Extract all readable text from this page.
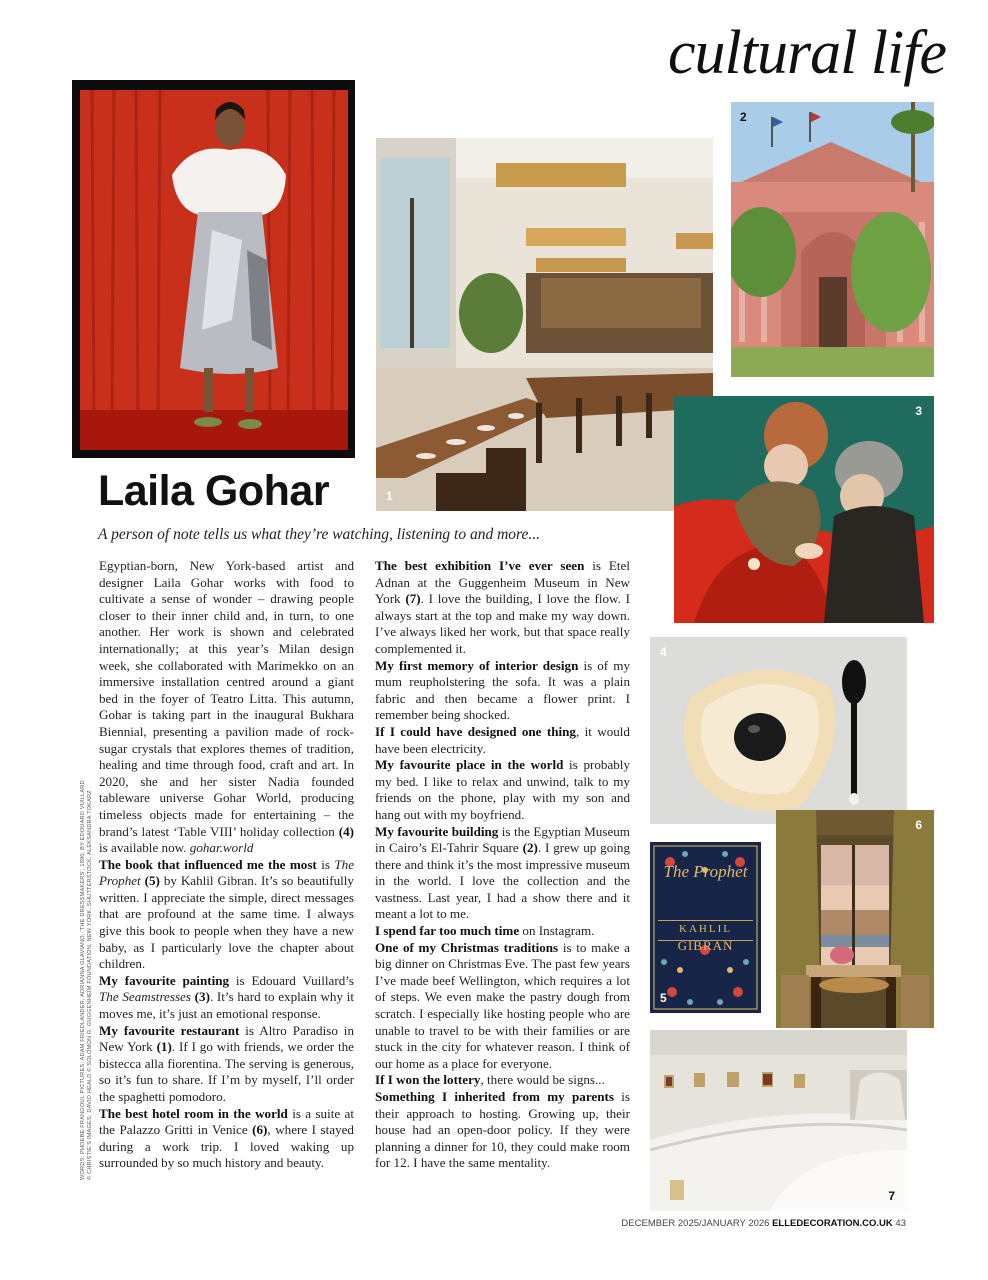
cultural life
1
2
3
4
The Prophet
KAHLIL
GIBRAN
5
6
7
Laila Gohar
A person of note tells us what they’re watching, listening to and more...

Egyptian-born, New York-based artist and designer Laila Gohar works with food to cultivate a sense of wonder – drawing people closer to their inner child and, in turn, to one another. Her work is shown and celebrated internationally; at this year’s Milan design week, she collaborated with Marimekko on an immersive installation centred around a giant bed in the foyer of Teatro Litta. This autumn, Gohar is taking part in the inaugural Bukhara Biennial, presenting a pavilion made of rock-sugar crystals that explores themes of tradition, healing and time through food, craft and art. In 2020, she and her sister Nadia founded tableware universe Gohar World, producing timeless objects made for entertaining – the brand’s latest ‘Table VIII’ holiday collection (4) is available now. gohar.world

The book that influenced me the most is The Prophet (5) by Kahlil Gibran. It’s so beautifully written. I appreciate the simple, direct messages that are profound at the same time. I always give this book to people when they have a new baby, as I particularly love the chapter about children.

My favourite painting is Edouard Vuillard’s The Seamstresses (3). It’s hard to explain why it moves me, it’s just an emotional response.

My favourite restaurant is Altro Paradiso in New York (1). If I go with friends, we order the bistecca alla fiorentina. The serving is generous, so it’s fun to share. If I’m by myself, I’ll order the spaghetti pomodoro.

The best hotel room in the world is a suite at the Palazzo Gritti in Venice (6), where I stayed during a work trip. I loved waking up surrounded by so much history and beauty.

The best exhibition I’ve ever seen is Etel Adnan at the Guggenheim Museum in New York (7). I love the building, I love the flow. I always start at the top and make my way down. I’ve always liked her work, but that space really complemented it.

My first memory of interior design is of my mum reupholstering the sofa. It was a plain fabric and then became a flower print. I remember being shocked.

If I could have designed one thing, it would have been electricity.

My favourite place in the world is probably my bed. I like to relax and unwind, talk to my friends on the phone, play with my son and hang out with my boyfriend.

My favourite building is the Egyptian Museum in Cairo’s El-Tahrir Square (2). I grew up going there and think it’s the most impressive museum in the world. I love the collection and the vastness. Last year, I had a show there and it meant a lot to me.

I spend far too much time on Instagram.

One of my Christmas traditions is to make a big dinner on Christmas Eve. The past few years I’ve made beef Wellington, which requires a lot of steps. We even make the pastry dough from scratch. I especially like hosting people who are unable to travel to be with their families or are stuck in the city for whatever reason. I think of our home as a place for everyone.

If I won the lottery, there would be signs...

Something I inherited from my parents is their approach to hosting. Growing up, their house had an open-door policy. If they were planning a dinner for 10, they could make room for 12. I have the same mentality.

WORDS: PHOEBE FRANGOUL PICTURES: ADAM FRIEDLANDER, ADRIANNA GLAVIANO, ‘THE DRESSMAKERS’, 1890, BY EDOUARD VUILLARD © CHRISTIE’S IMAGES, DAVID HEALD © SOLOMON R. GUGGENHEIM FOUNDATION, NEW YORK, SHUTTERSTOCK, ALEKSANDRA TOKARZ
DECEMBER 2025/JANUARY 2026 ELLEDECORATION.CO.UK 43
